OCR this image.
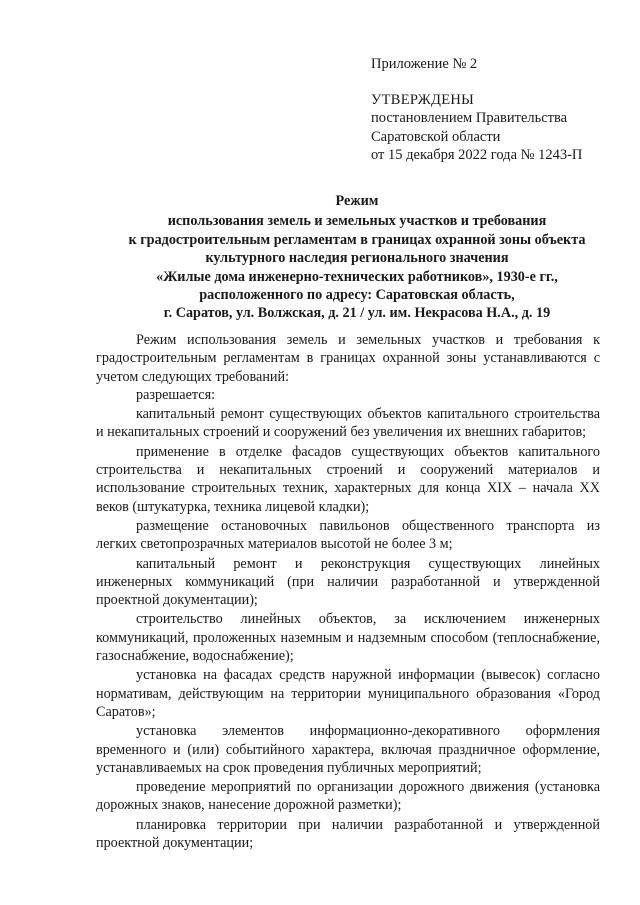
Приложение № 2
УТВЕРЖДЕНЫ
постановлением Правительства
Саратовской области
от 15 декабря 2022 года № 1243-П
Режим
использования земель и земельных участков и требования
к градостроительным регламентам в границах охранной зоны объекта
культурного наследия регионального значения
«Жилые дома инженерно-технических работников», 1930-е гг.,
расположенного по адресу: Саратовская область,
г. Саратов, ул. Волжская, д. 21 / ул. им. Некрасова Н.А., д. 19

Режим использования земель и земельных участков и требования к градостроительным регламентам в границах охранной зоны устанавливаются с учетом следующих требований:

разрешается:

капитальный ремонт существующих объектов капитального строительства и некапитальных строений и сооружений без увеличения их внешних габаритов;

применение в отделке фасадов существующих объектов капитального строительства и некапитальных строений и сооружений материалов и использование строительных техник, характерных для конца XIX – начала XX веков (штукатурка, техника лицевой кладки);

размещение остановочных павильонов общественного транспорта из легких светопрозрачных материалов высотой не более 3 м;

капитальный ремонт и реконструкция существующих линейных инженерных коммуникаций (при наличии разработанной и утвержденной проектной документации);

строительство линейных объектов, за исключением инженерных коммуникаций, проложенных наземным и надземным способом (теплоснабжение, газоснабжение, водоснабжение);

установка на фасадах средств наружной информации (вывесок) согласно нормативам, действующим на территории муниципального образования «Город Саратов»;

установка элементов информационно-декоративного оформления временного и (или) событийного характера, включая праздничное оформление, устанавливаемых на срок проведения публичных мероприятий;

проведение мероприятий по организации дорожного движения (установка дорожных знаков, нанесение дорожной разметки);

планировка территории при наличии разработанной и утвержденной проектной документации;
